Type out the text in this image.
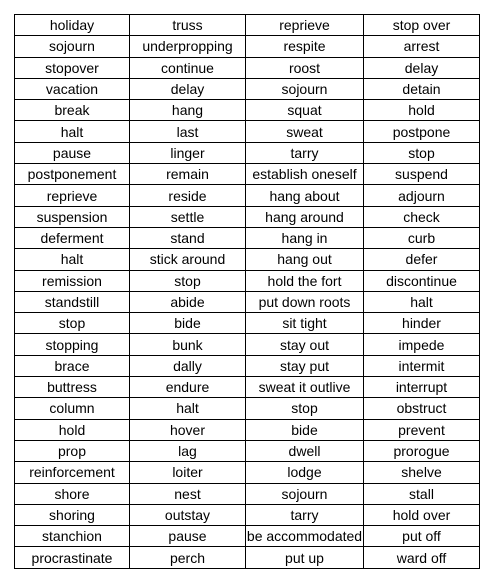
holiday	truss	reprieve	stop over
sojourn	underpropping	respite	arrest
stopover	continue	roost	delay
vacation	delay	sojourn	detain
break	hang	squat	hold
halt	last	sweat	postpone
pause	linger	tarry	stop
postponement	remain	establish oneself	suspend
reprieve	reside	hang about	adjourn
suspension	settle	hang around	check
deferment	stand	hang in	curb
halt	stick around	hang out	defer
remission	stop	hold the fort	discontinue
standstill	abide	put down roots	halt
stop	bide	sit tight	hinder
stopping	bunk	stay out	impede
brace	dally	stay put	intermit
buttress	endure	sweat it outlive	interrupt
column	halt	stop	obstruct
hold	hover	bide	prevent
prop	lag	dwell	prorogue
reinforcement	loiter	lodge	shelve
shore	nest	sojourn	stall
shoring	outstay	tarry	hold over
stanchion	pause	be accommodated	put off
procrastinate	perch	put up	ward off
